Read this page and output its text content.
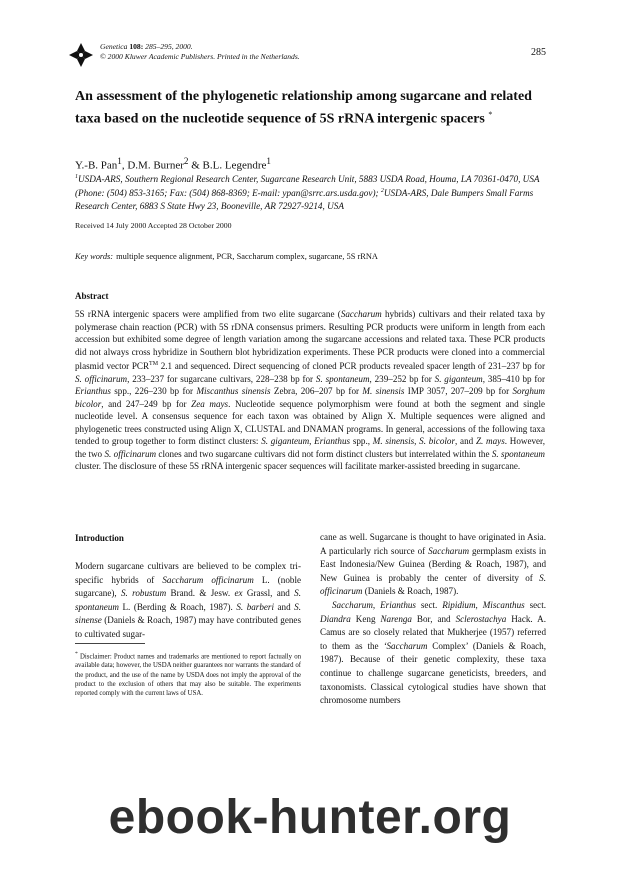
Genetica 108: 285–295, 2000.
© 2000 Kluwer Academic Publishers. Printed in the Netherlands.	285
An assessment of the phylogenetic relationship among sugarcane and related taxa based on the nucleotide sequence of 5S rRNA intergenic spacers *
Y.-B. Pan$^1$, D.M. Burner$^2$ & B.L. Legendre$^1$
$^1$USDA-ARS, Southern Regional Research Center, Sugarcane Research Unit, 5883 USDA Road, Houma, LA 70361-0470, USA (Phone: (504) 853-3165; Fax: (504) 868-8369; E-mail: ypan@srrc.ars.usda.gov); $^2$USDA-ARS, Dale Bumpers Small Farms Research Center, 6883 S State Hwy 23, Booneville, AR 72927-9214, USA
Received 14 July 2000 Accepted 28 October 2000
Key words: multiple sequence alignment, PCR, Saccharum complex, sugarcane, 5S rRNA
Abstract
5S rRNA intergenic spacers were amplified from two elite sugarcane (Saccharum hybrids) cultivars and their related taxa by polymerase chain reaction (PCR) with 5S rDNA consensus primers. Resulting PCR products were uniform in length from each accession but exhibited some degree of length variation among the sugarcane accessions and related taxa. These PCR products did not always cross hybridize in Southern blot hybridization experiments. These PCR products were cloned into a commercial plasmid vector PCR™ 2.1 and sequenced. Direct sequencing of cloned PCR products revealed spacer length of 231–237 bp for S. officinarum, 233–237 for sugarcane cultivars, 228–238 bp for S. spontaneum, 239–252 bp for S. giganteum, 385–410 bp for Erianthus spp., 226–230 bp for Miscanthus sinensis Zebra, 206–207 bp for M. sinensis IMP 3057, 207–209 bp for Sorghum bicolor, and 247–249 bp for Zea mays. Nucleotide sequence polymorphism were found at both the segment and single nucleotide level. A consensus sequence for each taxon was obtained by Align X. Multiple sequences were aligned and phylogenetic trees constructed using Align X, CLUSTAL and DNAMAN programs. In general, accessions of the following taxa tended to group together to form distinct clusters: S. giganteum, Erianthus spp., M. sinensis, S. bicolor, and Z. mays. However, the two S. officinarum clones and two sugarcane cultivars did not form distinct clusters but interrelated within the S. spontaneum cluster. The disclosure of these 5S rRNA intergenic spacer sequences will facilitate marker-assisted breeding in sugarcane.
Introduction
Modern sugarcane cultivars are believed to be complex tri-specific hybrids of Saccharum officinarum L. (noble sugarcane), S. robustum Brand. & Jesw. ex Grassl, and S. spontaneum L. (Berding & Roach, 1987). S. barberi and S. sinense (Daniels & Roach, 1987) may have contributed genes to cultivated sugar-
* Disclaimer: Product names and trademarks are mentioned to report factually on available data; however, the USDA neither guarantees nor warrants the standard of the product, and the use of the name by USDA does not imply the approval of the product to the exclusion of others that may also be suitable. The experiments reported comply with the current laws of USA.

cane as well. Sugarcane is thought to have originated in Asia. A particularly rich source of Saccharum germplasm exists in East Indonesia/New Guinea (Berding & Roach, 1987), and New Guinea is probably the center of diversity of S. officinarum (Daniels & Roach, 1987).

Saccharum, Erianthus sect. Ripidium, Miscanthus sect. Diandra Keng Narenga Bor, and Sclerostachya Hack. A. Camus are so closely related that Mukherjee (1957) referred to them as the ‘Saccharum Complex’ (Daniels & Roach, 1987). Because of their genetic complexity, these taxa continue to challenge sugarcane geneticists, breeders, and taxonomists. Classical cytological studies have shown that chromosome numbers

ebook-hunter.org
